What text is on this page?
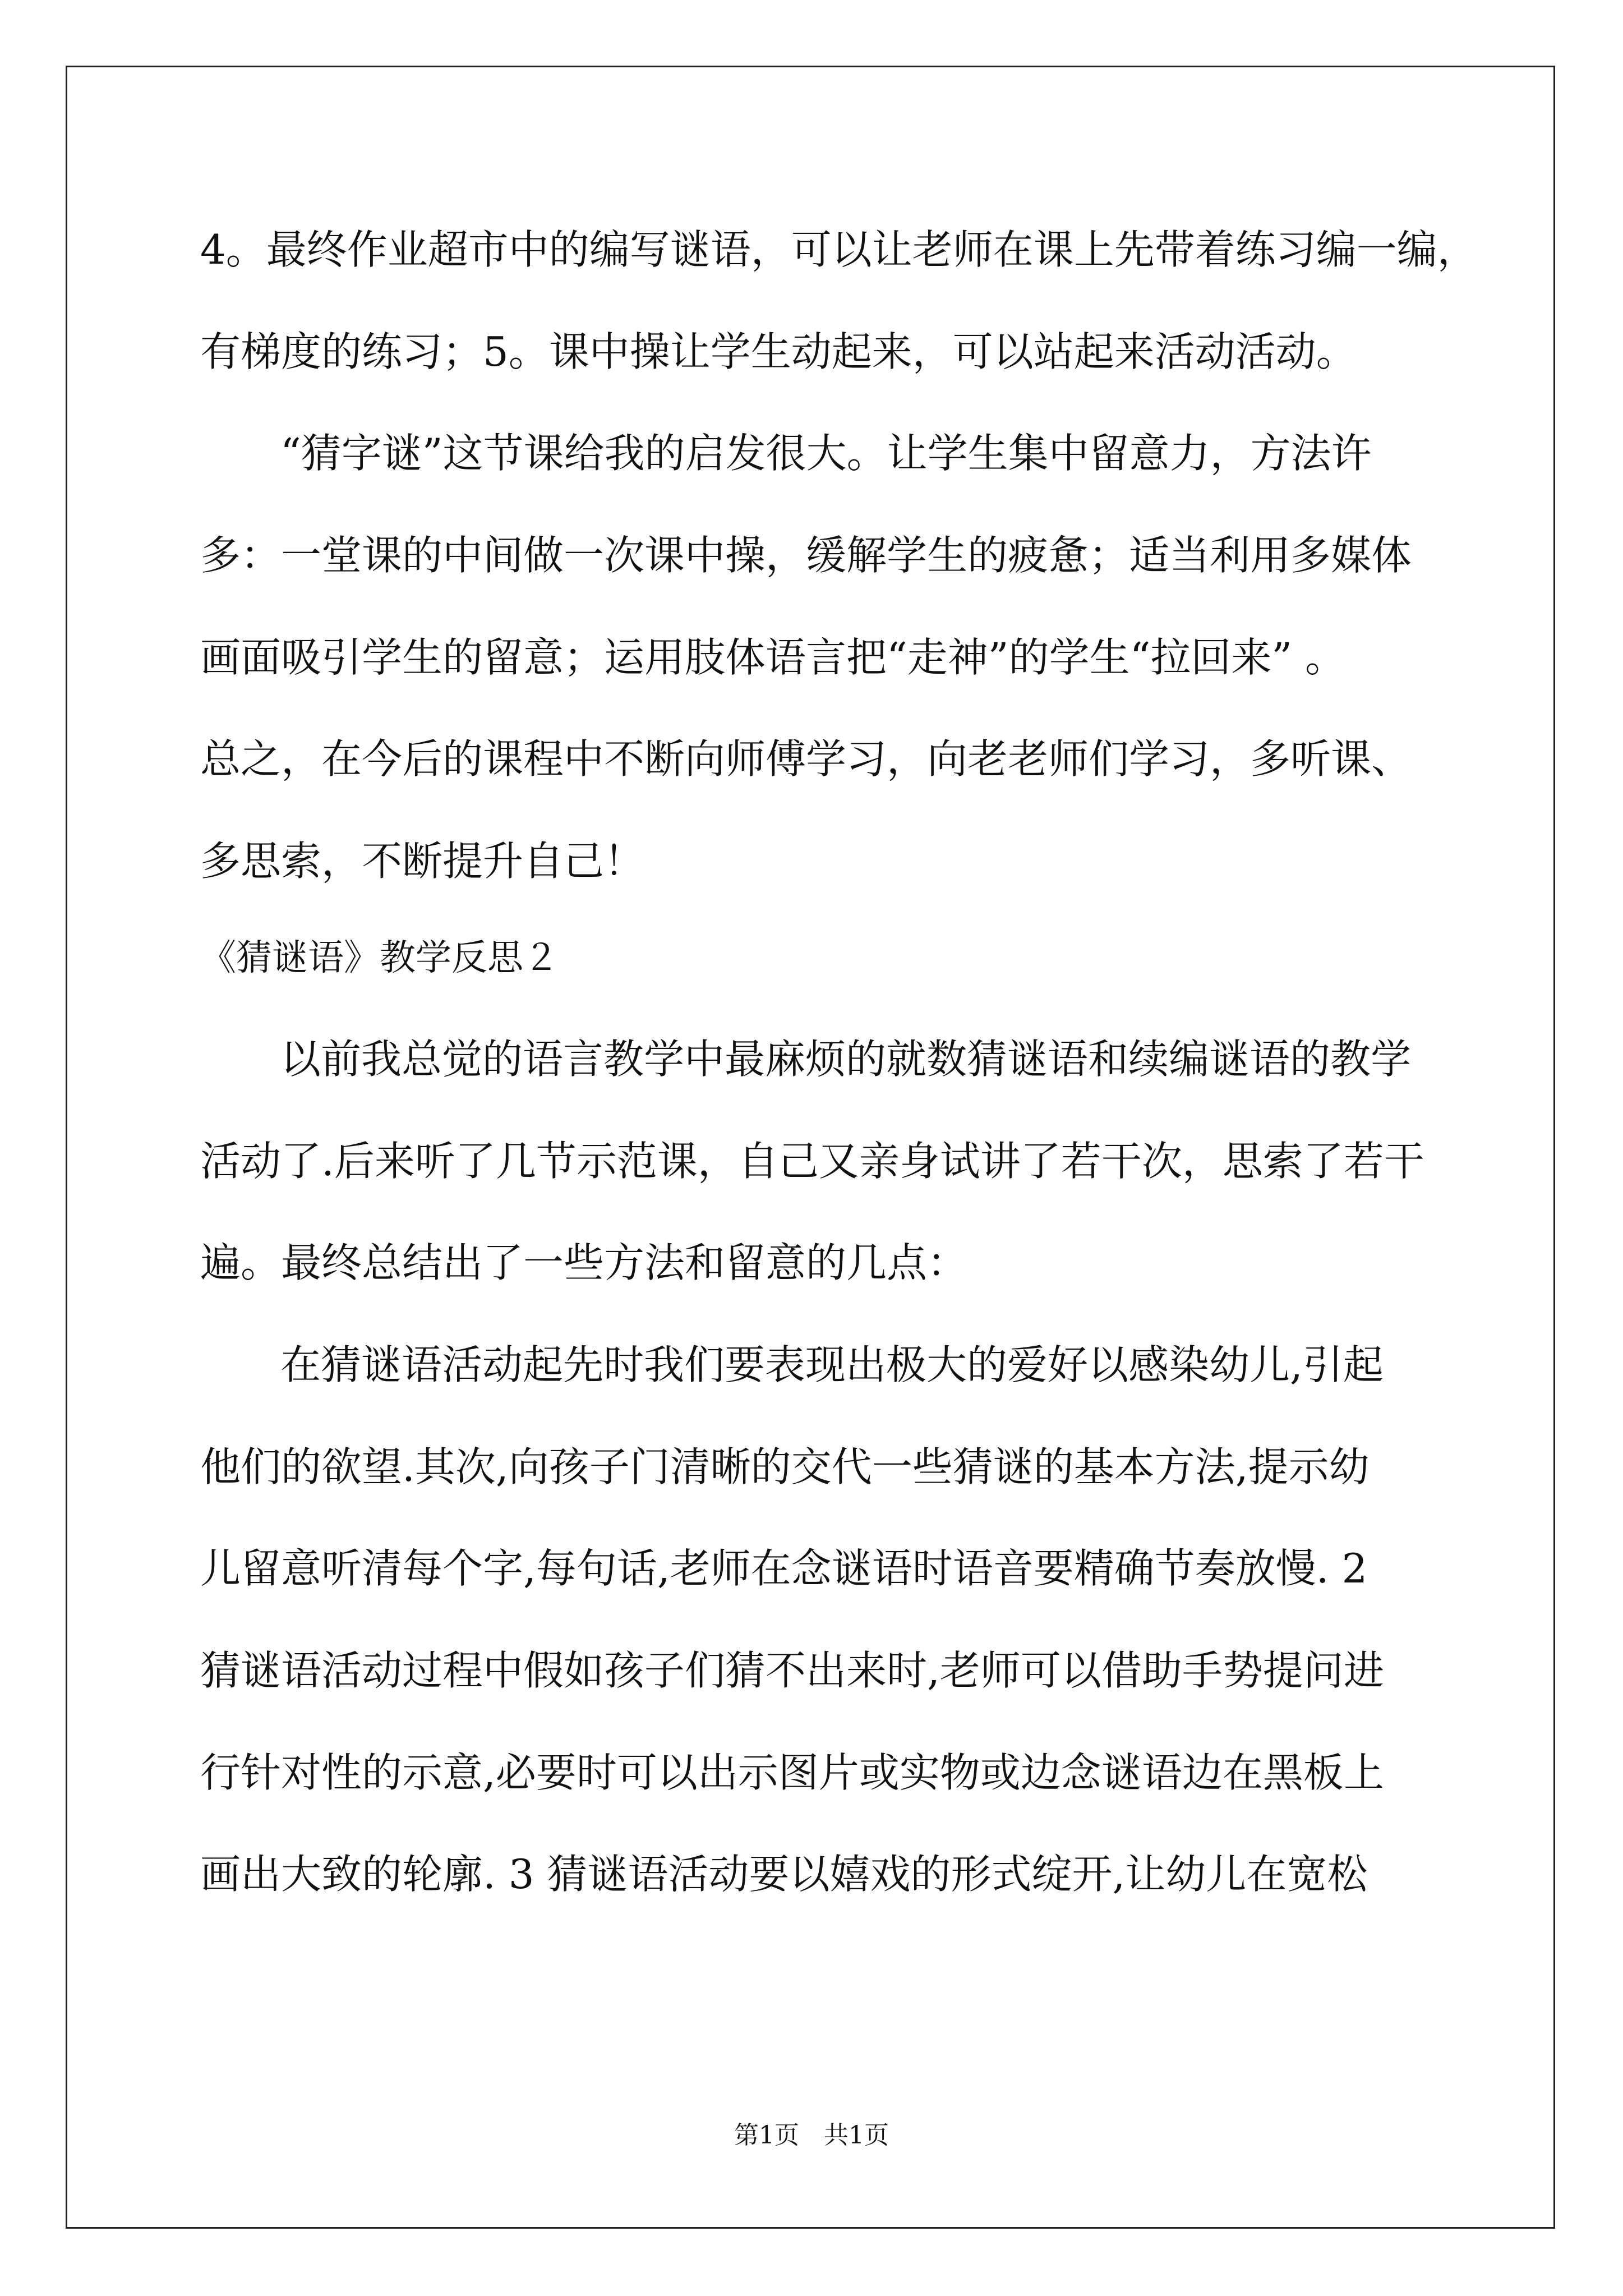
4。最终作业超市中的编写谜语，可以让老师在课上先带着练习编一编，
有梯度的练习；5。课中操让学生动起来，可以站起来活动活动。
“猜字谜”这节课给我的启发很大。让学生集中留意力，方法许
多：一堂课的中间做一次课中操，缓解学生的疲惫；适当利用多媒体
画面吸引学生的留意；运用肢体语言把“走神”的学生“拉回来” 。
总之，在今后的课程中不断向师傅学习，向老老师们学习，多听课、
多思索，不断提升自己！
《猜谜语》教学反思２
以前我总觉的语言教学中最麻烦的就数猜谜语和续编谜语的教学
活动了.后来听了几节示范课，自己又亲身试讲了若干次，思索了若干
遍。最终总结出了一些方法和留意的几点：
在猜谜语活动起先时我们要表现出极大的爱好以感染幼儿,引起
他们的欲望.其次,向孩子门清晰的交代一些猜谜的基本方法,提示幼
儿留意听清每个字,每句话,老师在念谜语时语音要精确节奏放慢. 2
猜谜语活动过程中假如孩子们猜不出来时,老师可以借助手势提问进
行针对性的示意,必要时可以出示图片或实物或边念谜语边在黑板上
画出大致的轮廓. 3 猜谜语活动要以嬉戏的形式绽开,让幼儿在宽松
第1页　共1页
